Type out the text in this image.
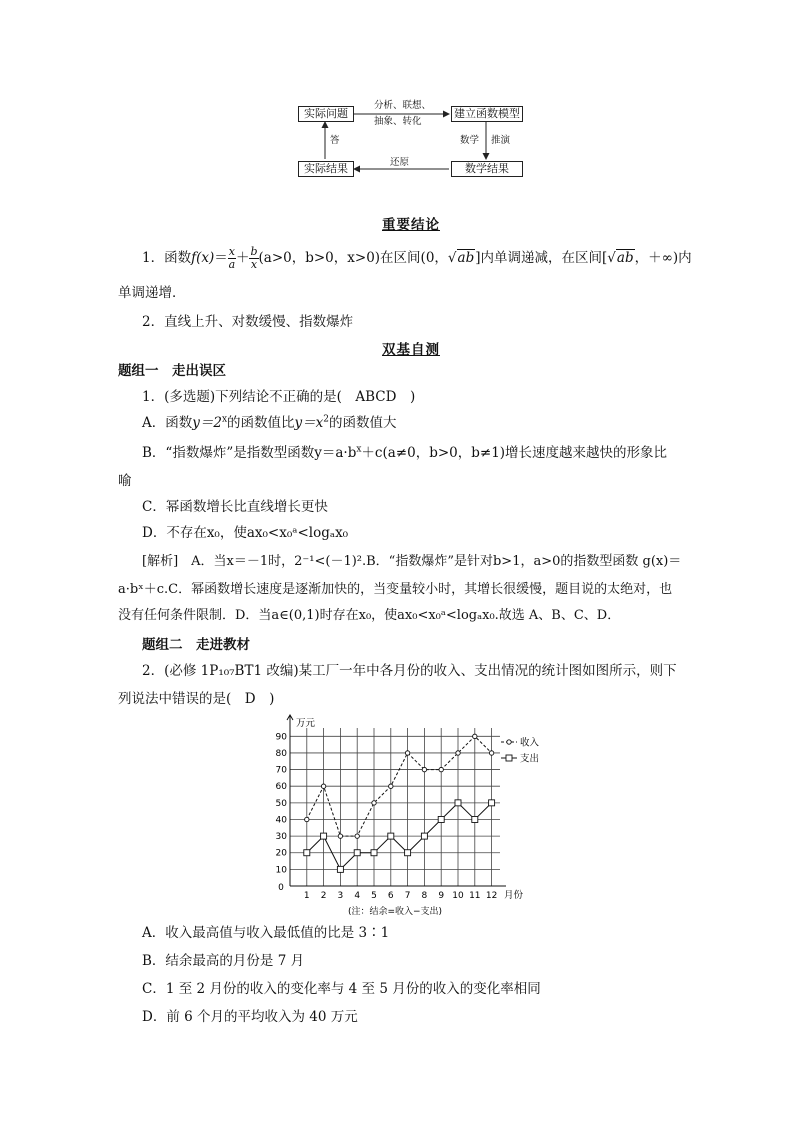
实际问题	建立函数模型
数学结果
实际结果
分析、联想、
抽象、转化
数学 推演
还原
答
重要结论
1．函数$f(x)= \frac{x}{a} + \frac{b}{x} (a>0$，b>0，x>0)在区间(0，√ab]内单调递减，在区间[√ab，＋∞)内
单调递增．
2．直线上升、对数缓慢、指数爆炸
双基自测
题组一　走出误区
1．(多选题)下列结论不正确的是(　ABCD　)
A．函数$y=2^x$的函数值比$y=x^2$的函数值大
B．“指数爆炸”是指数型函数$y=a\cdot b^x+c(a\ne 0$，b>0，b≠1)增长速度越来越快的形象比
喻
C．幂函数增长比直线增长更快
D．不存在x₀，使ax₀<x₀ᵃ<logₐx₀
[解析]　A．当x＝－1时，2⁻¹<(－1)².B．“指数爆炸”是针对b>1，a>0的指数型函数 g(x)＝
a·bˣ＋c.C．幂函数增长速度是逐渐加快的，当变量较小时，其增长很缓慢，题目说的太绝对，也
没有任何条件限制．D．当a∈(0,1)时存在x₀，使ax₀<x₀ᵃ<logₐx₀.故选 A、B、C、D．
题组二　走进教材
2．(必修 1P₁₀₇BT1 改编)某工厂一年中各月份的收入、支出情况的统计图如图所示，则下
列说法中错误的是(　D　)
0
10
20
30
40
50
60
70
80
90
1 2 3 4 5 6 7 8 9 10 11 12
万元
月份
(注：结余=收入−支出)
收入
支出
A．收入最高值与收入最低值的比是 3∶1
B．结余最高的月份是 7 月
C．1 至 2 月份的收入的变化率与 4 至 5 月份的收入的变化率相同
D．前 6 个月的平均收入为 40 万元
